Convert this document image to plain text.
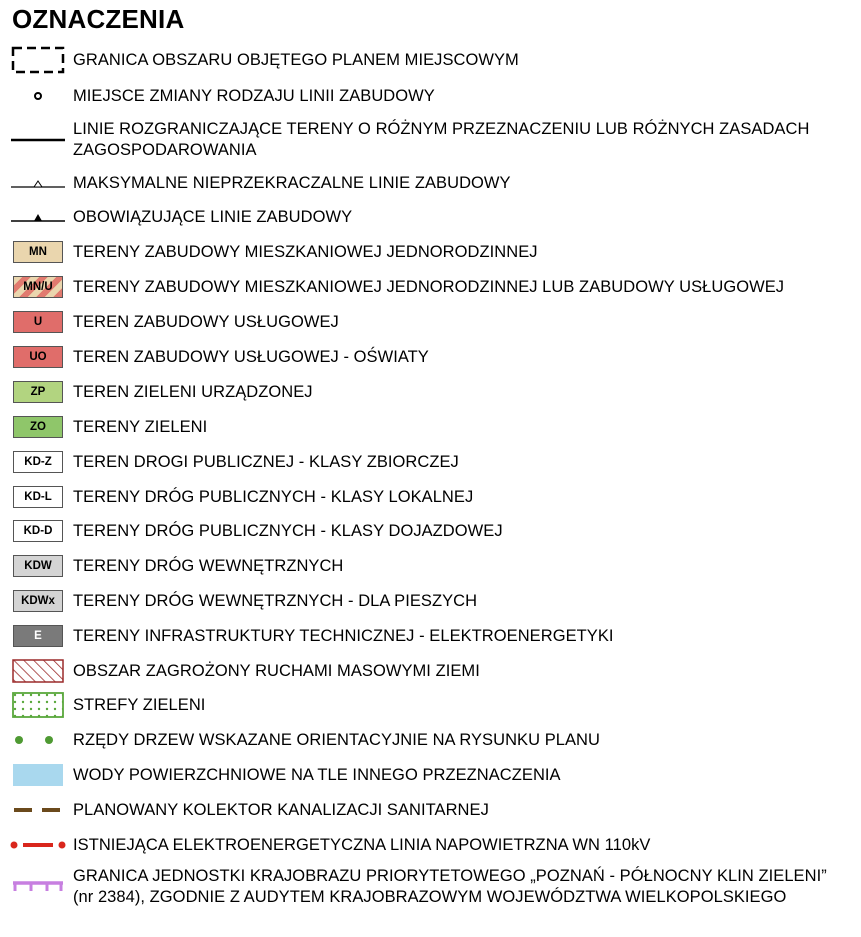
OZNACZENIA
GRANICA OBSZARU OBJĘTEGO PLANEM MIEJSCOWYM
MIEJSCE ZMIANY RODZAJU LINII ZABUDOWY
LINIE ROZGRANICZAJĄCE TERENY O RÓŻNYM PRZEZNACZENIU LUB RÓŻNYCH ZASADACH ZAGOSPODAROWANIA
MAKSYMALNE NIEPRZEKRACZALNE LINIE ZABUDOWY
OBOWIĄZUJĄCE LINIE ZABUDOWY
MN	TERENY ZABUDOWY MIESZKANIOWEJ JEDNORODZINNEJ
MN/U	TERENY ZABUDOWY MIESZKANIOWEJ JEDNORODZINNEJ LUB ZABUDOWY USŁUGOWEJ
U	TEREN ZABUDOWY USŁUGOWEJ
UO	TEREN ZABUDOWY USŁUGOWEJ - OŚWIATY
ZP	TEREN ZIELENI URZĄDZONEJ
ZO	TERENY ZIELENI
KD-Z	TEREN DROGI PUBLICZNEJ - KLASY ZBIORCZEJ
KD-L	TERENY DRÓG PUBLICZNYCH - KLASY LOKALNEJ
KD-D	TERENY DRÓG PUBLICZNYCH - KLASY DOJAZDOWEJ
KDW	TERENY DRÓG WEWNĘTRZNYCH
KDWx	TERENY DRÓG WEWNĘTRZNYCH - DLA PIESZYCH
E	TERENY INFRASTRUKTURY TECHNICZNEJ - ELEKTROENERGETYKI
OBSZAR ZAGROŻONY RUCHAMI MASOWYMI ZIEMI
STREFY ZIELENI
RZĘDY DRZEW WSKAZANE ORIENTACYJNIE NA RYSUNKU PLANU
WODY POWIERZCHNIOWE NA TLE INNEGO PRZEZNACZENIA
PLANOWANY KOLEKTOR KANALIZACJI SANITARNEJ
ISTNIEJĄCA ELEKTROENERGETYCZNA LINIA NAPOWIETRZNA WN 110kV
GRANICA JEDNOSTKI KRAJOBRAZU PRIORYTETOWEGO „POZNAŃ - PÓŁNOCNY KLIN ZIELENI” (nr 2384), ZGODNIE Z AUDYTEM KRAJOBRAZOWYM WOJEWÓDZTWA WIELKOPOLSKIEGO
